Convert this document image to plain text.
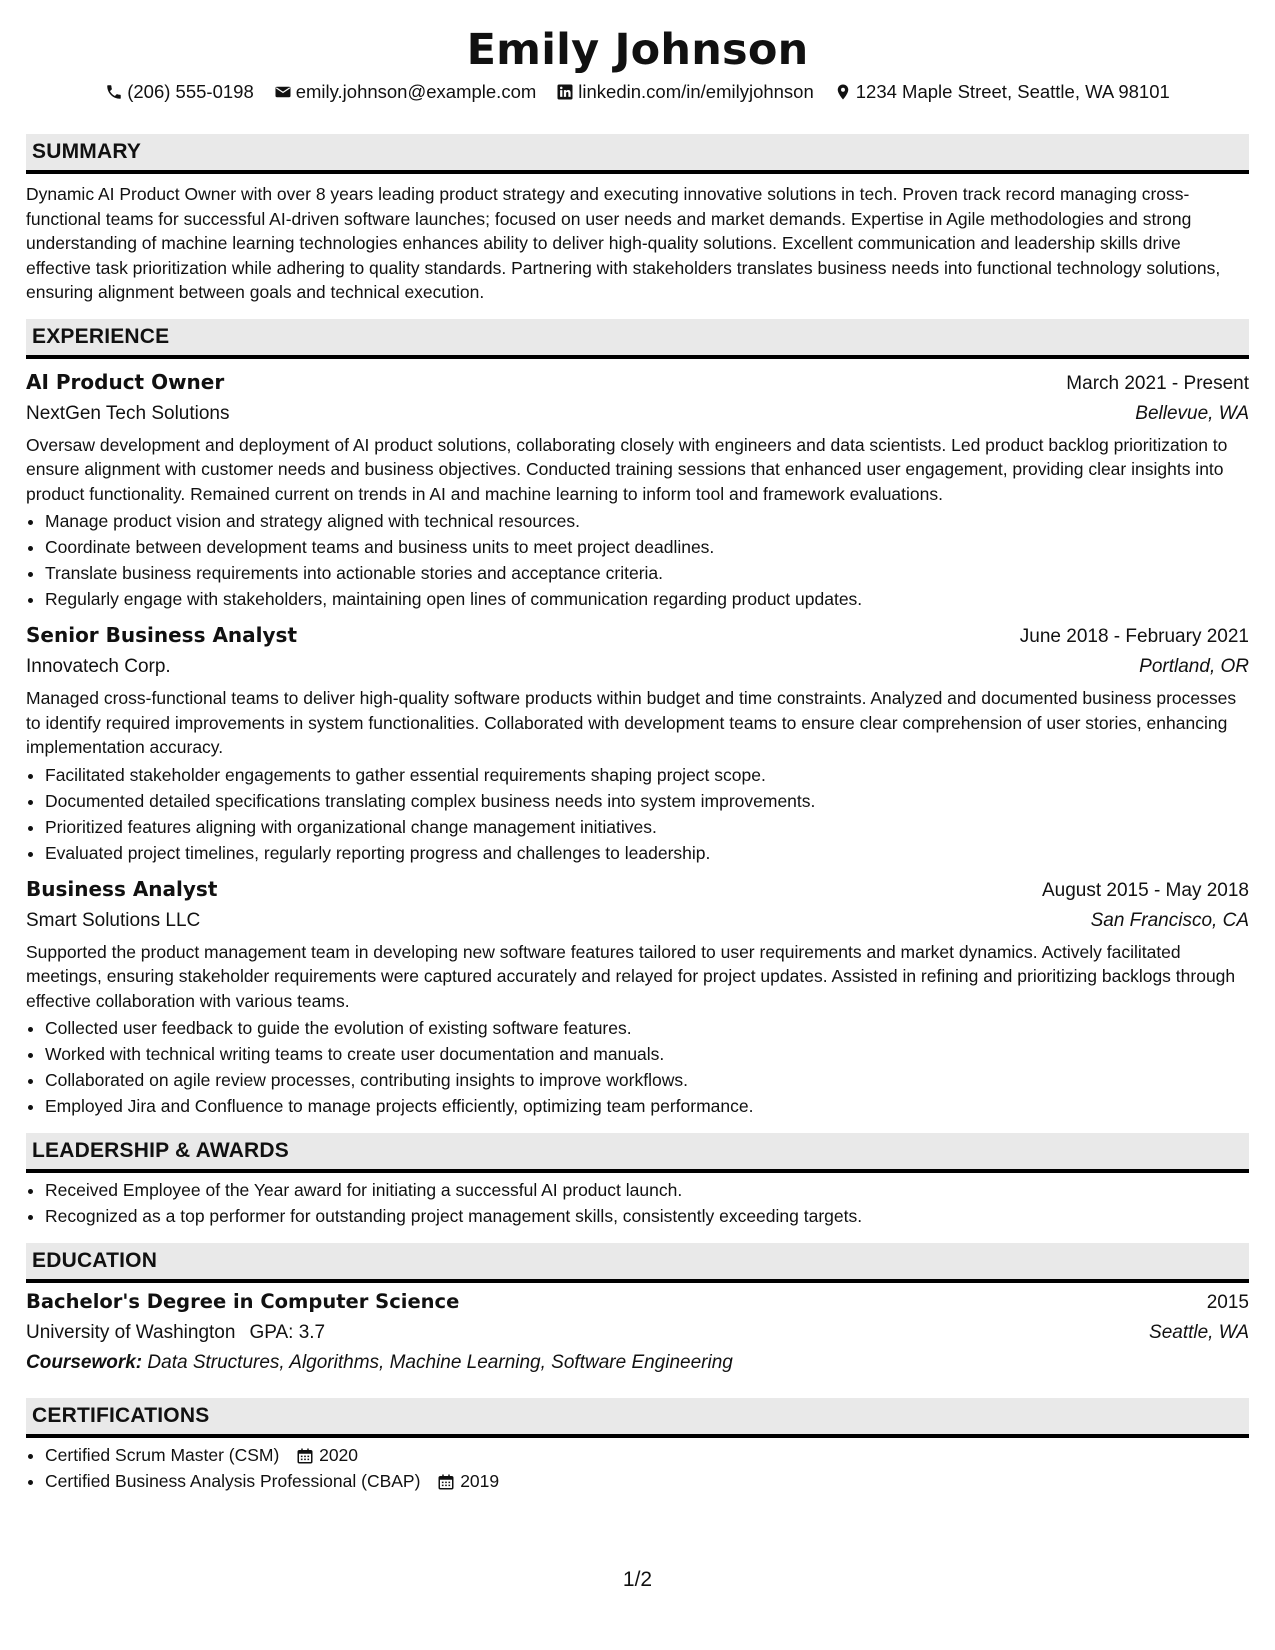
Emily Johnson
(206) 555-0198 emily.johnson@example.com linkedin.com/in/emilyjohnson 1234 Maple Street, Seattle, WA 98101
SUMMARY

Dynamic AI Product Owner with over 8 years leading product strategy and executing innovative solutions in tech. Proven track record managing cross-functional teams for successful AI-driven software launches; focused on user needs and market demands. Expertise in Agile methodologies and strong understanding of machine learning technologies enhances ability to deliver high-quality solutions. Excellent communication and leadership skills drive effective task prioritization while adhering to quality standards. Partnering with stakeholders translates business needs into functional technology solutions, ensuring alignment between goals and technical execution.

EXPERIENCE
AI Product Owner	March 2021 - Present
NextGen Tech Solutions	Bellevue, WA

Oversaw development and deployment of AI product solutions, collaborating closely with engineers and data scientists. Led product backlog prioritization to ensure alignment with customer needs and business objectives. Conducted training sessions that enhanced user engagement, providing clear insights into product functionality. Remained current on trends in AI and machine learning to inform tool and framework evaluations.

• Manage product vision and strategy aligned with technical resources.
• Coordinate between development teams and business units to meet project deadlines.
• Translate business requirements into actionable stories and acceptance criteria.
• Regularly engage with stakeholders, maintaining open lines of communication regarding product updates.
Senior Business Analyst	June 2018 - February 2021
Innovatech Corp.	Portland, OR

Managed cross-functional teams to deliver high-quality software products within budget and time constraints. Analyzed and documented business processes to identify required improvements in system functionalities. Collaborated with development teams to ensure clear comprehension of user stories, enhancing implementation accuracy.

• Facilitated stakeholder engagements to gather essential requirements shaping project scope.
• Documented detailed specifications translating complex business needs into system improvements.
• Prioritized features aligning with organizational change management initiatives.
• Evaluated project timelines, regularly reporting progress and challenges to leadership.
Business Analyst	August 2015 - May 2018
Smart Solutions LLC	San Francisco, CA

Supported the product management team in developing new software features tailored to user requirements and market dynamics. Actively facilitated meetings, ensuring stakeholder requirements were captured accurately and relayed for project updates. Assisted in refining and prioritizing backlogs through effective collaboration with various teams.

• Collected user feedback to guide the evolution of existing software features.
• Worked with technical writing teams to create user documentation and manuals.
• Collaborated on agile review processes, contributing insights to improve workflows.
• Employed Jira and Confluence to manage projects efficiently, optimizing team performance.
LEADERSHIP & AWARDS
• Received Employee of the Year award for initiating a successful AI product launch.
• Recognized as a top performer for outstanding project management skills, consistently exceeding targets.
EDUCATION
Bachelor's Degree in Computer Science	2015
University of Washington GPA: 3.7	Seattle, WA
Coursework: Data Structures, Algorithms, Machine Learning, Software Engineering
CERTIFICATIONS
• Certified Scrum Master (CSM) 2020
• Certified Business Analysis Professional (CBAP) 2019
1/2
